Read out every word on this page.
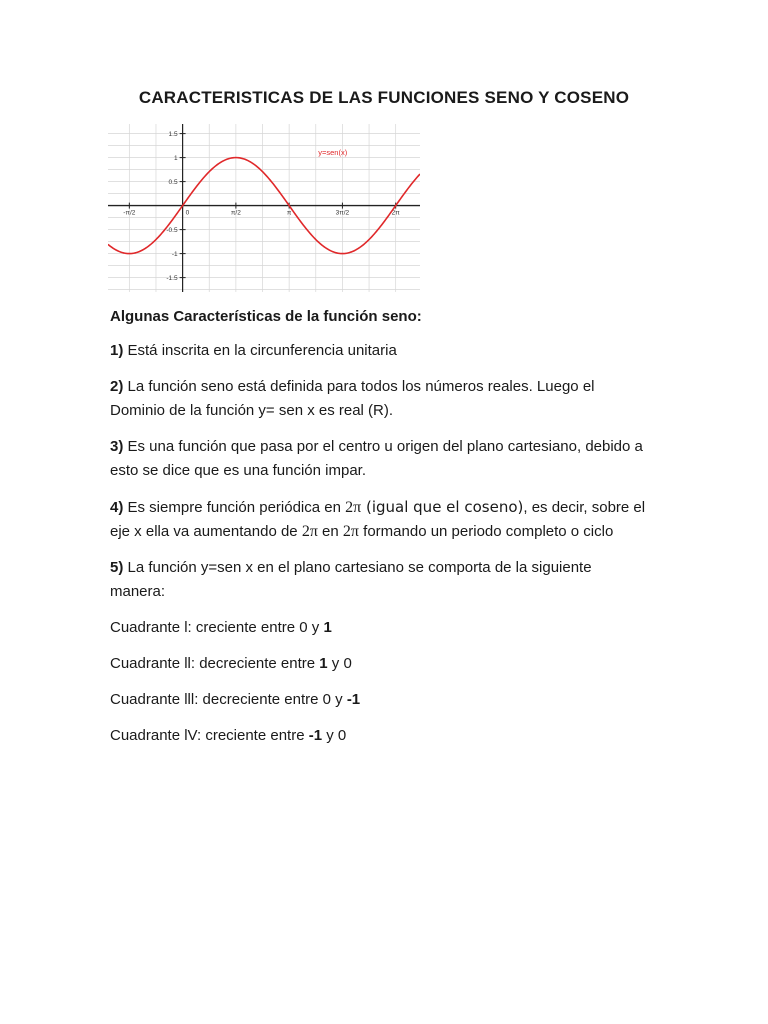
CARACTERISTICAS DE LAS FUNCIONES SENO Y COSENO
-π/2	0	π/2	π	3π/2	2π
1.5
1
0.5
-0.5
-1
-1.5
y=sen(x)

Algunas Características de la función seno:

1) Está inscrita en la circunferencia unitaria

2) La función seno está definida para todos los números reales. Luego el Dominio de la función y= sen x es real (R).

3) Es una función que pasa por el centro u origen del plano cartesiano, debido a esto se dice que es una función impar.

4) Es siempre función periódica en 2π (igual que el coseno), es decir, sobre el eje x ella va aumentando de 2π en 2π formando un periodo completo o ciclo

5) La función y=sen x en el plano cartesiano se comporta de la siguiente manera:

Cuadrante l: creciente entre 0 y 1

Cuadrante ll: decreciente entre 1 y 0

Cuadrante lll: decreciente entre 0 y -1

Cuadrante lV: creciente entre -1 y 0
